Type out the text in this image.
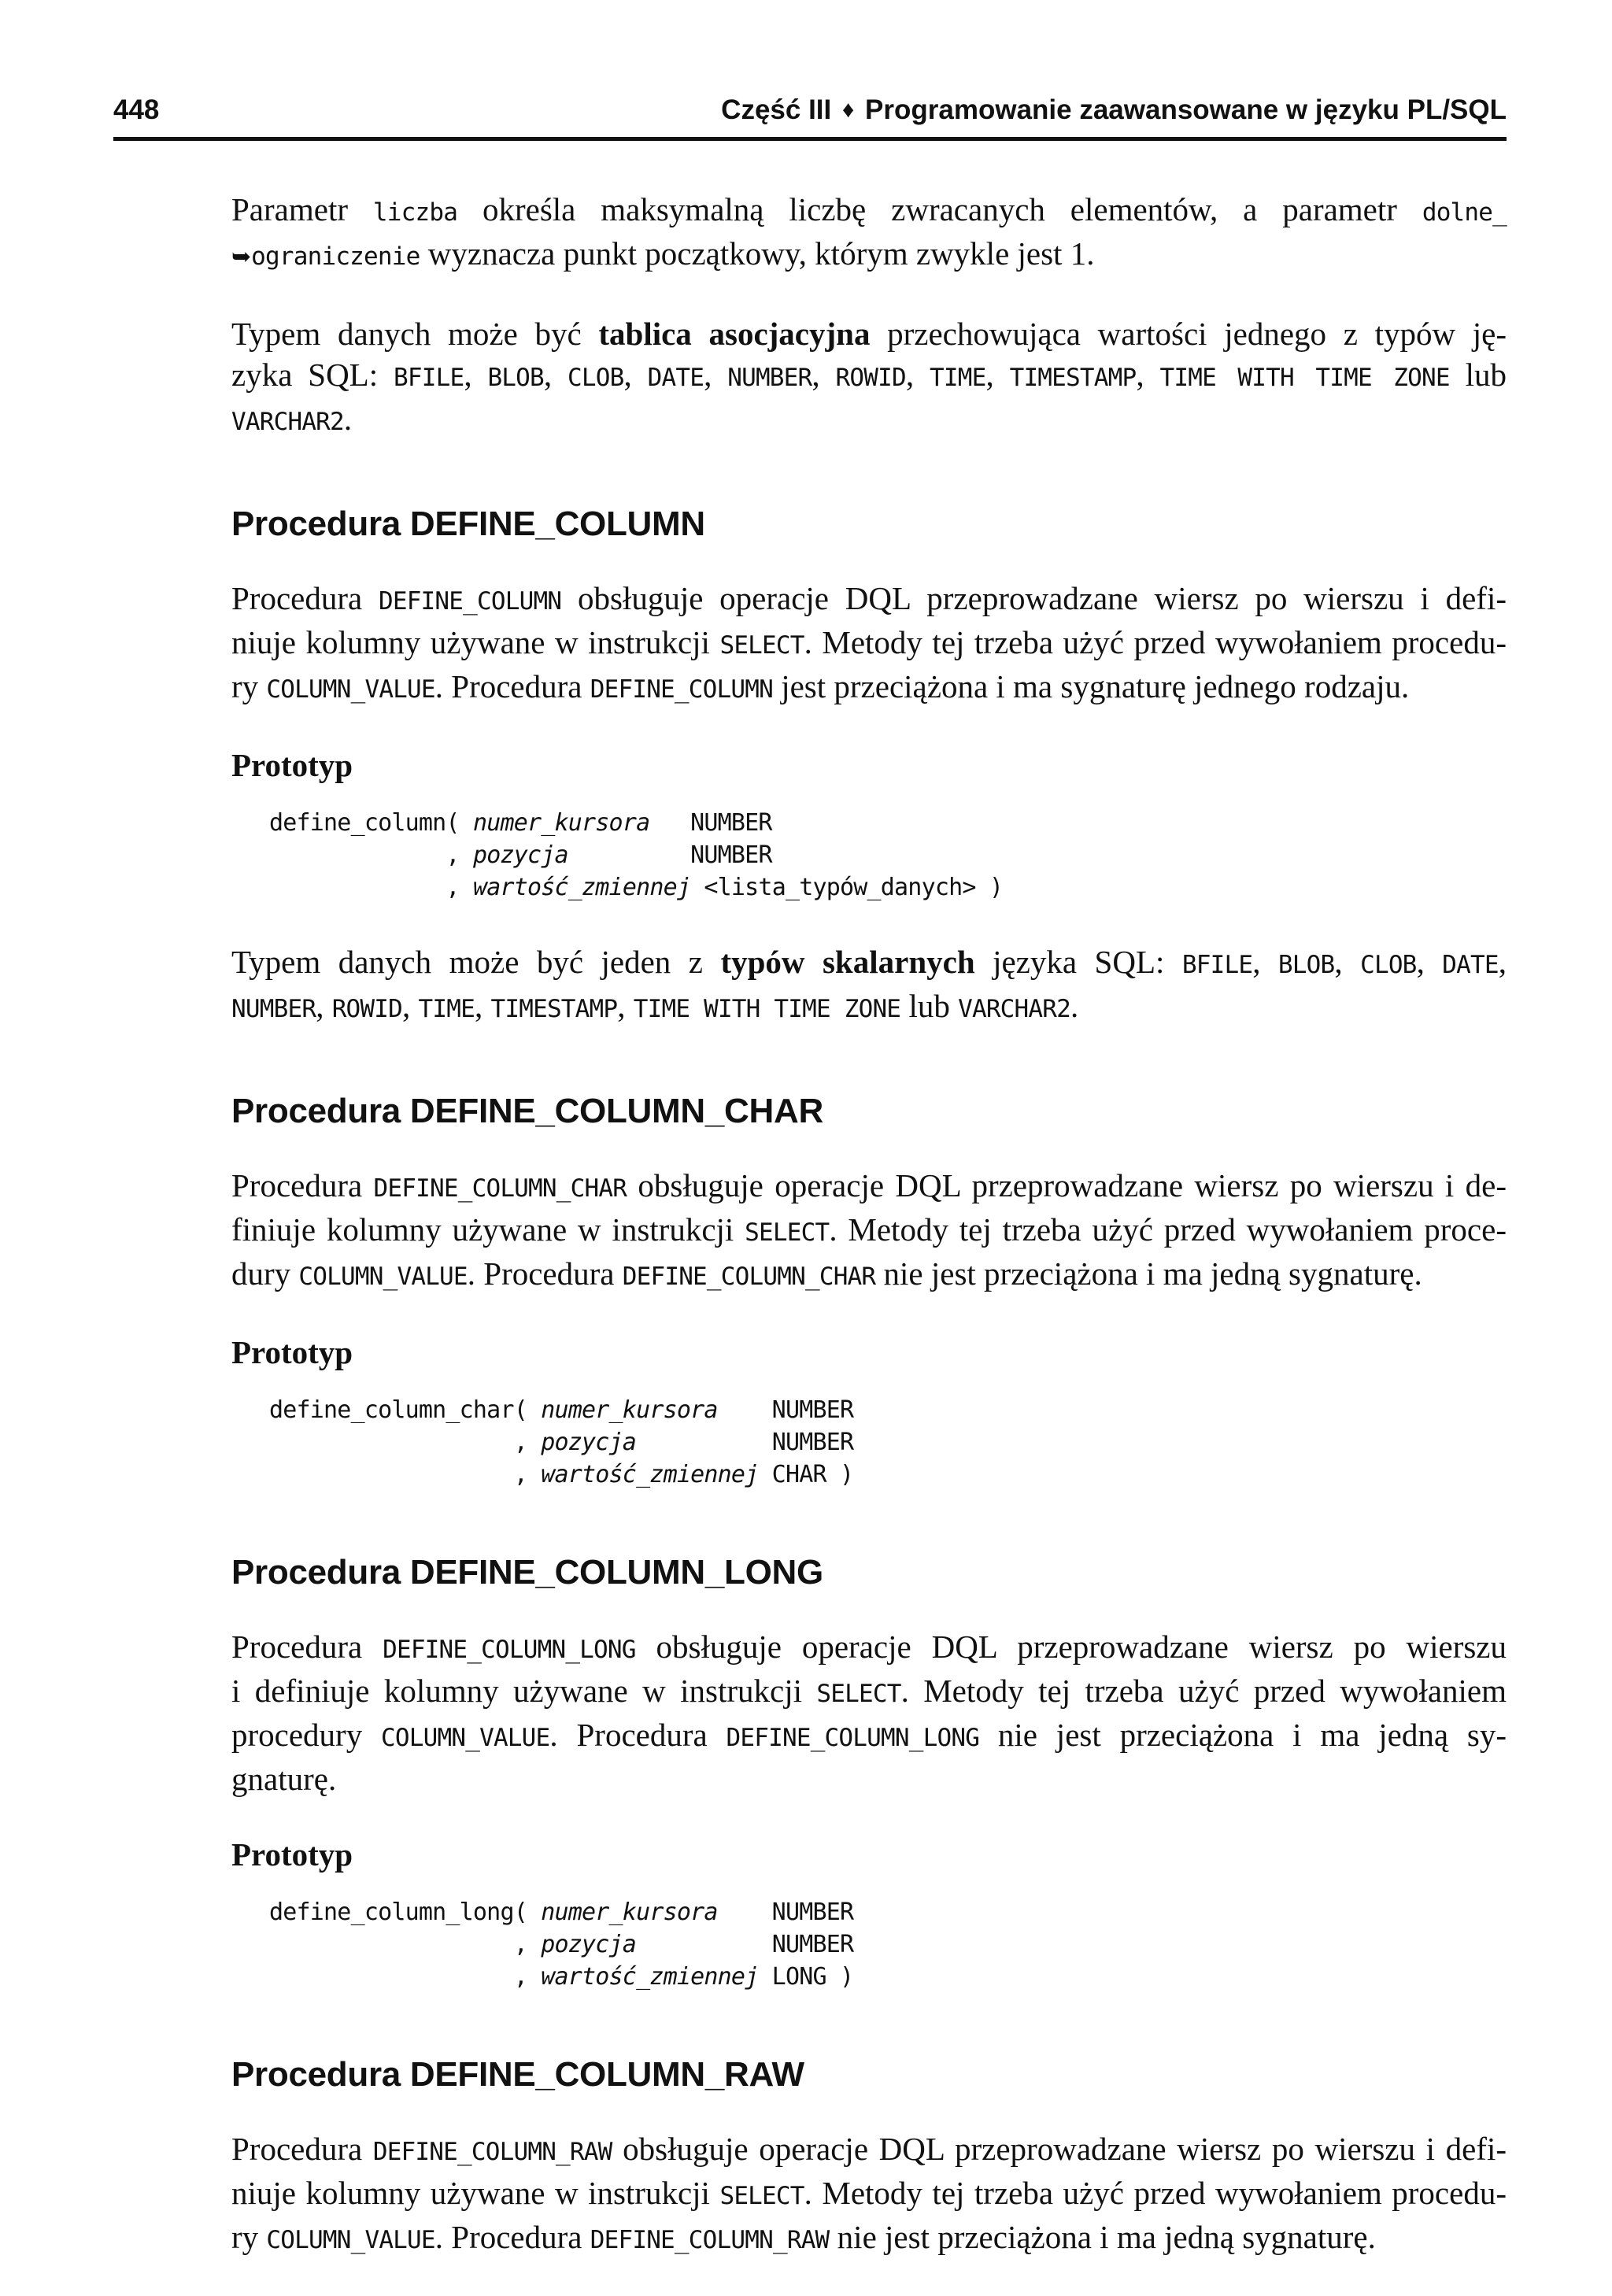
448	Część III ♦ Programowanie zaawansowane w języku PL/SQL
Parametr liczba określa maksymalną liczbę zwracanych elementów, a parametr dolne_
➥ograniczenie wyznacza punkt początkowy, którym zwykle jest 1.
Typem danych może być tablica asocjacyjna przechowująca wartości jednego z typów ję-
zyka SQL: BFILE, BLOB, CLOB, DATE, NUMBER, ROWID, TIME, TIMESTAMP, TIME WITH TIME ZONE lub
VARCHAR2.
Procedura DEFINE_COLUMN
Procedura DEFINE_COLUMN obsługuje operacje DQL przeprowadzane wiersz po wierszu i defi-
niuje kolumny używane w instrukcji SELECT. Metody tej trzeba użyć przed wywołaniem procedu-
ry COLUMN_VALUE. Procedura DEFINE_COLUMN jest przeciążona i ma sygnaturę jednego rodzaju.
Prototyp
define_column( numer_kursora   NUMBER
, pozycja         NUMBER
, wartość_zmiennej <lista_typów_danych> )
Typem danych może być jeden z typów skalarnych języka SQL: BFILE, BLOB, CLOB, DATE,
NUMBER, ROWID, TIME, TIMESTAMP, TIME WITH TIME ZONE lub VARCHAR2.
Procedura DEFINE_COLUMN_CHAR
Procedura DEFINE_COLUMN_CHAR obsługuje operacje DQL przeprowadzane wiersz po wierszu i de-
finiuje kolumny używane w instrukcji SELECT. Metody tej trzeba użyć przed wywołaniem proce-
dury COLUMN_VALUE. Procedura DEFINE_COLUMN_CHAR nie jest przeciążona i ma jedną sygnaturę.
Prototyp
define_column_char( numer_kursora    NUMBER
, pozycja          NUMBER
, wartość_zmiennej CHAR )
Procedura DEFINE_COLUMN_LONG
Procedura DEFINE_COLUMN_LONG obsługuje operacje DQL przeprowadzane wiersz po wierszu
i definiuje kolumny używane w instrukcji SELECT. Metody tej trzeba użyć przed wywołaniem
procedury COLUMN_VALUE. Procedura DEFINE_COLUMN_LONG nie jest przeciążona i ma jedną sy-
gnaturę.
Prototyp
define_column_long( numer_kursora    NUMBER
, pozycja          NUMBER
, wartość_zmiennej LONG )
Procedura DEFINE_COLUMN_RAW
Procedura DEFINE_COLUMN_RAW obsługuje operacje DQL przeprowadzane wiersz po wierszu i defi-
niuje kolumny używane w instrukcji SELECT. Metody tej trzeba użyć przed wywołaniem procedu-
ry COLUMN_VALUE. Procedura DEFINE_COLUMN_RAW nie jest przeciążona i ma jedną sygnaturę.
